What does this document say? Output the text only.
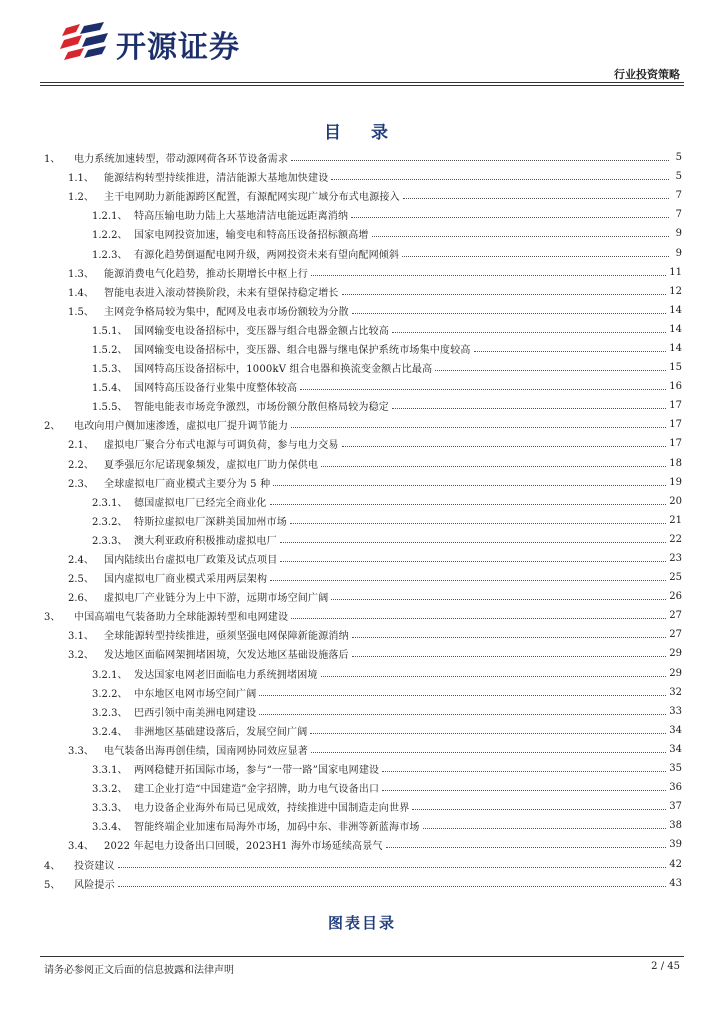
开源证券
行业投资策略
目 录
1、	电力系统加速转型，带动源网荷各环节设备需求	5
1.1、 能源结构转型持续推进，清洁能源大基地加快建设	5
1.2、 主干电网助力新能源跨区配置，有源配网实现广域分布式电源接入	7
1.2.1、 特高压输电助力陆上大基地清洁电能远距离消纳	7
1.2.2、 国家电网投资加速，输变电和特高压设备招标额高增	9
1.2.3、 有源化趋势倒逼配电网升级，两网投资未来有望向配网倾斜	9
1.3、 能源消费电气化趋势，推动长期增长中枢上行	11
1.4、 智能电表进入滚动替换阶段，未来有望保持稳定增长	12
1.5、 主网竞争格局较为集中，配网及电表市场份额较为分散	14
1.5.1、 国网输变电设备招标中，变压器与组合电器金额占比较高	14
1.5.2、 国网输变电设备招标中，变压器、组合电器与继电保护系统市场集中度较高	14
1.5.3、 国网特高压设备招标中，1000kV 组合电器和换流变金额占比最高	15
1.5.4、 国网特高压设备行业集中度整体较高	16
1.5.5、 智能电能表市场竞争激烈，市场份额分散但格局较为稳定	17
2、	电改向用户侧加速渗透，虚拟电厂提升调节能力	17
2.1、 虚拟电厂聚合分布式电源与可调负荷，参与电力交易	17
2.2、 夏季强厄尔尼诺现象频发，虚拟电厂助力保供电	18
2.3、 全球虚拟电厂商业模式主要分为 5 种	19
2.3.1、 德国虚拟电厂已经完全商业化	20
2.3.2、 特斯拉虚拟电厂深耕美国加州市场	21
2.3.3、 澳大利亚政府积极推动虚拟电厂	22
2.4、 国内陆续出台虚拟电厂政策及试点项目	23
2.5、 国内虚拟电厂商业模式采用两层架构	25
2.6、 虚拟电厂产业链分为上中下游，远期市场空间广阔	26
3、	中国高端电气装备助力全球能源转型和电网建设	27
3.1、 全球能源转型持续推进，亟须坚强电网保障新能源消纳	27
3.2、 发达地区面临网架拥堵困境，欠发达地区基础设施落后	29
3.2.1、 发达国家电网老旧面临电力系统拥堵困境	29
3.2.2、 中东地区电网市场空间广阔	32
3.2.3、 巴西引领中南美洲电网建设	33
3.2.4、 非洲地区基础建设落后，发展空间广阔	34
3.3、 电气装备出海再创佳绩，国南网协同效应显著	34
3.3.1、 两网稳健开拓国际市场，参与“一带一路”国家电网建设	35
3.3.2、 建工企业打造“中国建造”金字招牌，助力电气设备出口	36
3.3.3、 电力设备企业海外布局已见成效，持续推进中国制造走向世界	37
3.3.4、 智能终端企业加速布局海外市场，加码中东、非洲等新蓝海市场	38
3.4、 2022 年起电力设备出口回暖，2023H1 海外市场延续高景气	39
4、	投资建议	42
5、	风险提示	43
图表目录
请务必参阅正文后面的信息披露和法律声明	2 / 45
